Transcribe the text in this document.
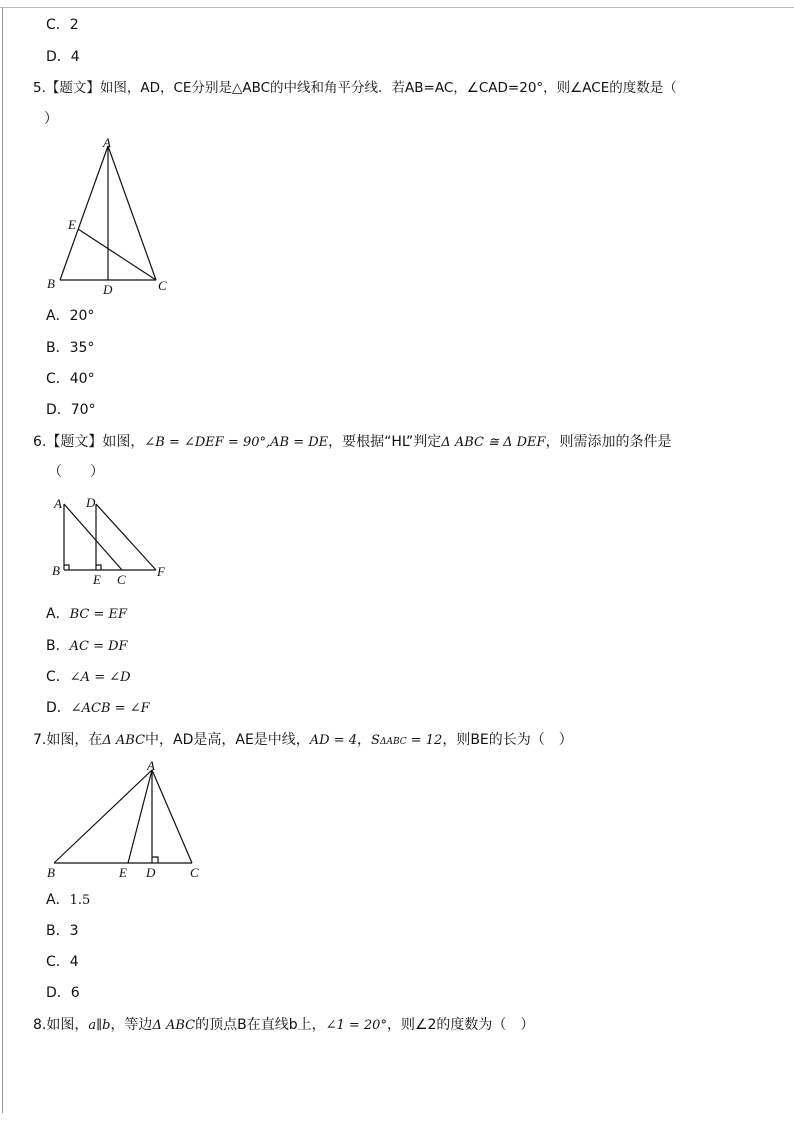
C．2
D．4
5.【题文】如图，AD，CE分别是△ABC的中线和角平分线．若AB=AC，∠CAD=20°，则∠ACE的度数是（
）
A
B	C
D
E
A．20°
B．35°
C．40°
D．70°
6.【题文】如图，∠B = ∠DEF = 90°,AB = DE，要根据“HL”判定Δ ABC ≅ Δ DEF，则需添加的条件是
（　　）
A D
B
E C
F
A．BC = EF
B．AC = DF
C．∠A = ∠D
D．∠ACB = ∠F
7.如图，在Δ ABC中，AD是高，AE是中线，AD = 4，SΔABC = 12，则BE的长为（　）
A
B	E D	C
A．1.5
B．3
C．4
D．6
8.如图，a∥b，等边Δ ABC的顶点B在直线b上，∠1 = 20°，则∠2的度数为（　）
